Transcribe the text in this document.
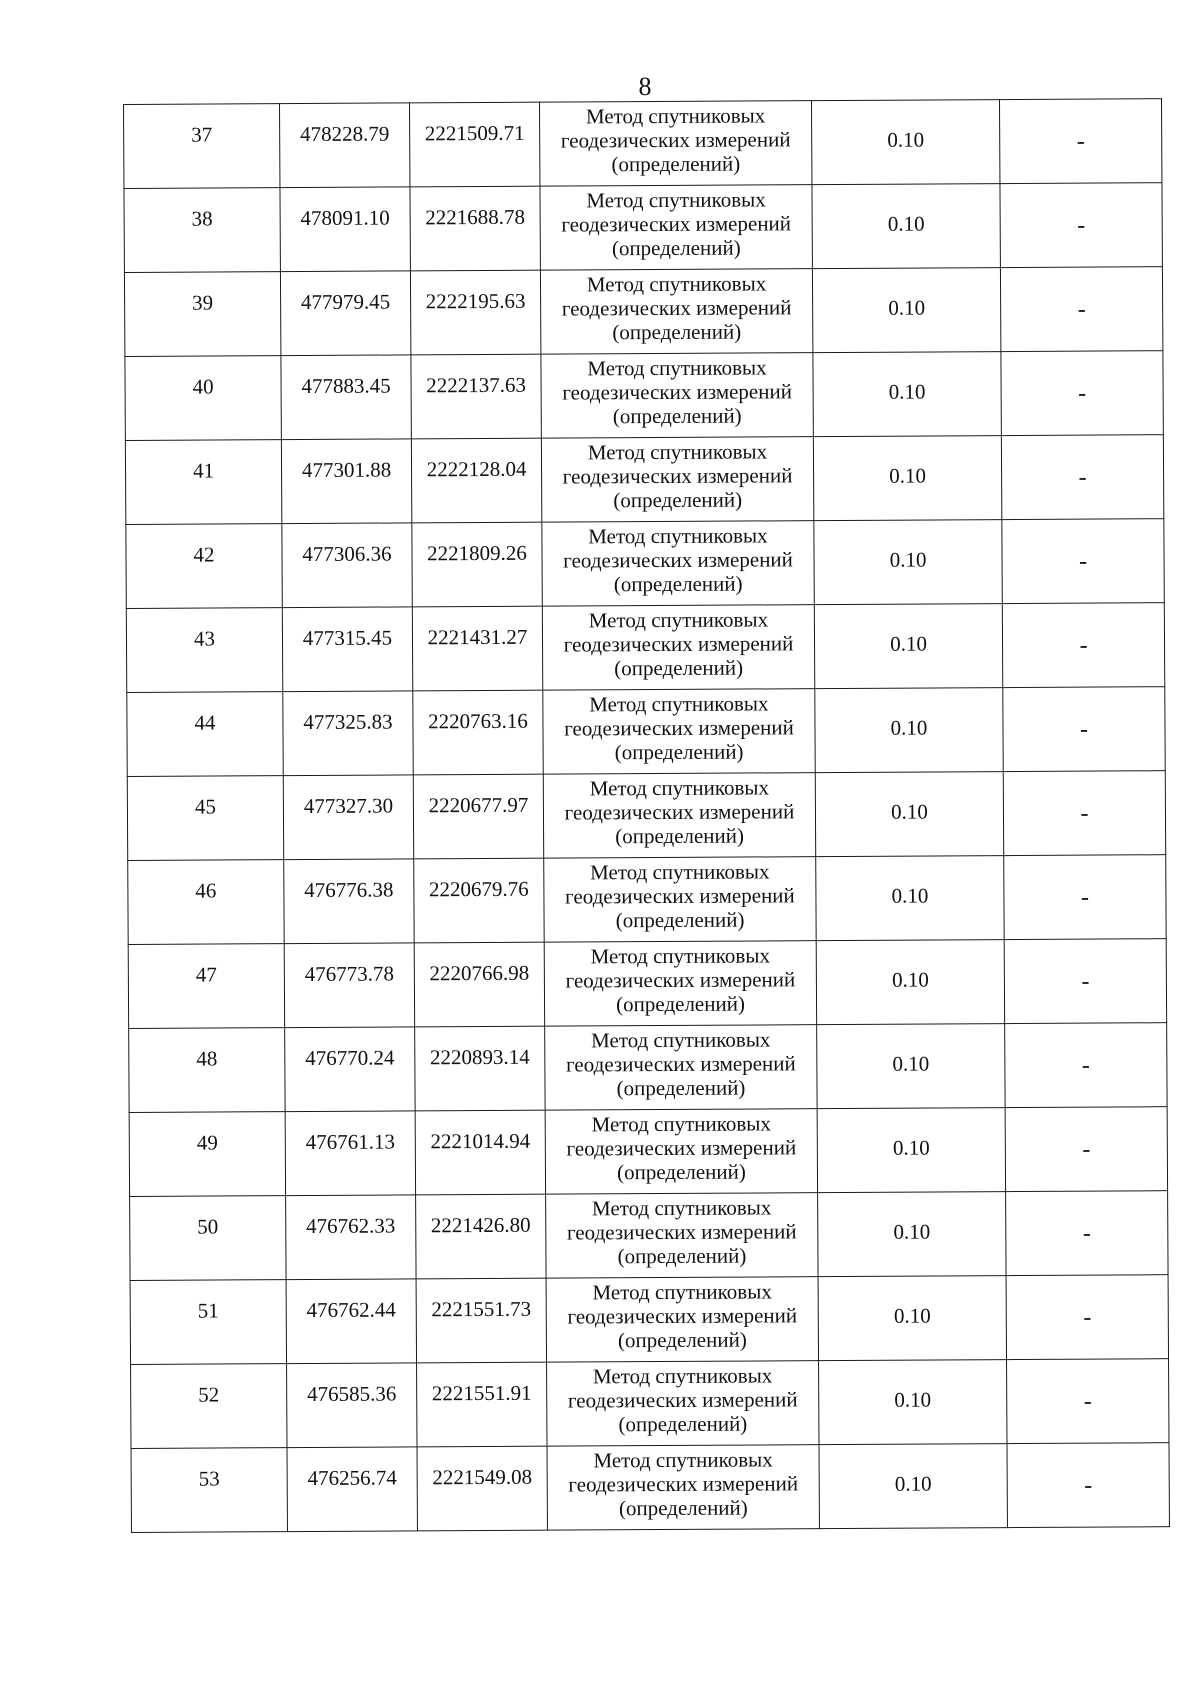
8
37	478228.79	2221509.71	Метод спутниковых
геодезических измерений
(определений)	0.10	-
38	478091.10	2221688.78	Метод спутниковых
геодезических измерений
(определений)	0.10	-
39	477979.45	2222195.63	Метод спутниковых
геодезических измерений
(определений)	0.10	-
40	477883.45	2222137.63	Метод спутниковых
геодезических измерений
(определений)	0.10	-
41	477301.88	2222128.04	Метод спутниковых
геодезических измерений
(определений)	0.10	-
42	477306.36	2221809.26	Метод спутниковых
геодезических измерений
(определений)	0.10	-
43	477315.45	2221431.27	Метод спутниковых
геодезических измерений
(определений)	0.10	-
44	477325.83	2220763.16	Метод спутниковых
геодезических измерений
(определений)	0.10	-
45	477327.30	2220677.97	Метод спутниковых
геодезических измерений
(определений)	0.10	-
46	476776.38	2220679.76	Метод спутниковых
геодезических измерений
(определений)	0.10	-
47	476773.78	2220766.98	Метод спутниковых
геодезических измерений
(определений)	0.10	-
48	476770.24	2220893.14	Метод спутниковых
геодезических измерений
(определений)	0.10	-
49	476761.13	2221014.94	Метод спутниковых
геодезических измерений
(определений)	0.10	-
50	476762.33	2221426.80	Метод спутниковых
геодезических измерений
(определений)	0.10	-
51	476762.44	2221551.73	Метод спутниковых
геодезических измерений
(определений)	0.10	-
52	476585.36	2221551.91	Метод спутниковых
геодезических измерений
(определений)	0.10	-
53	476256.74	2221549.08	Метод спутниковых
геодезических измерений
(определений)	0.10	-
